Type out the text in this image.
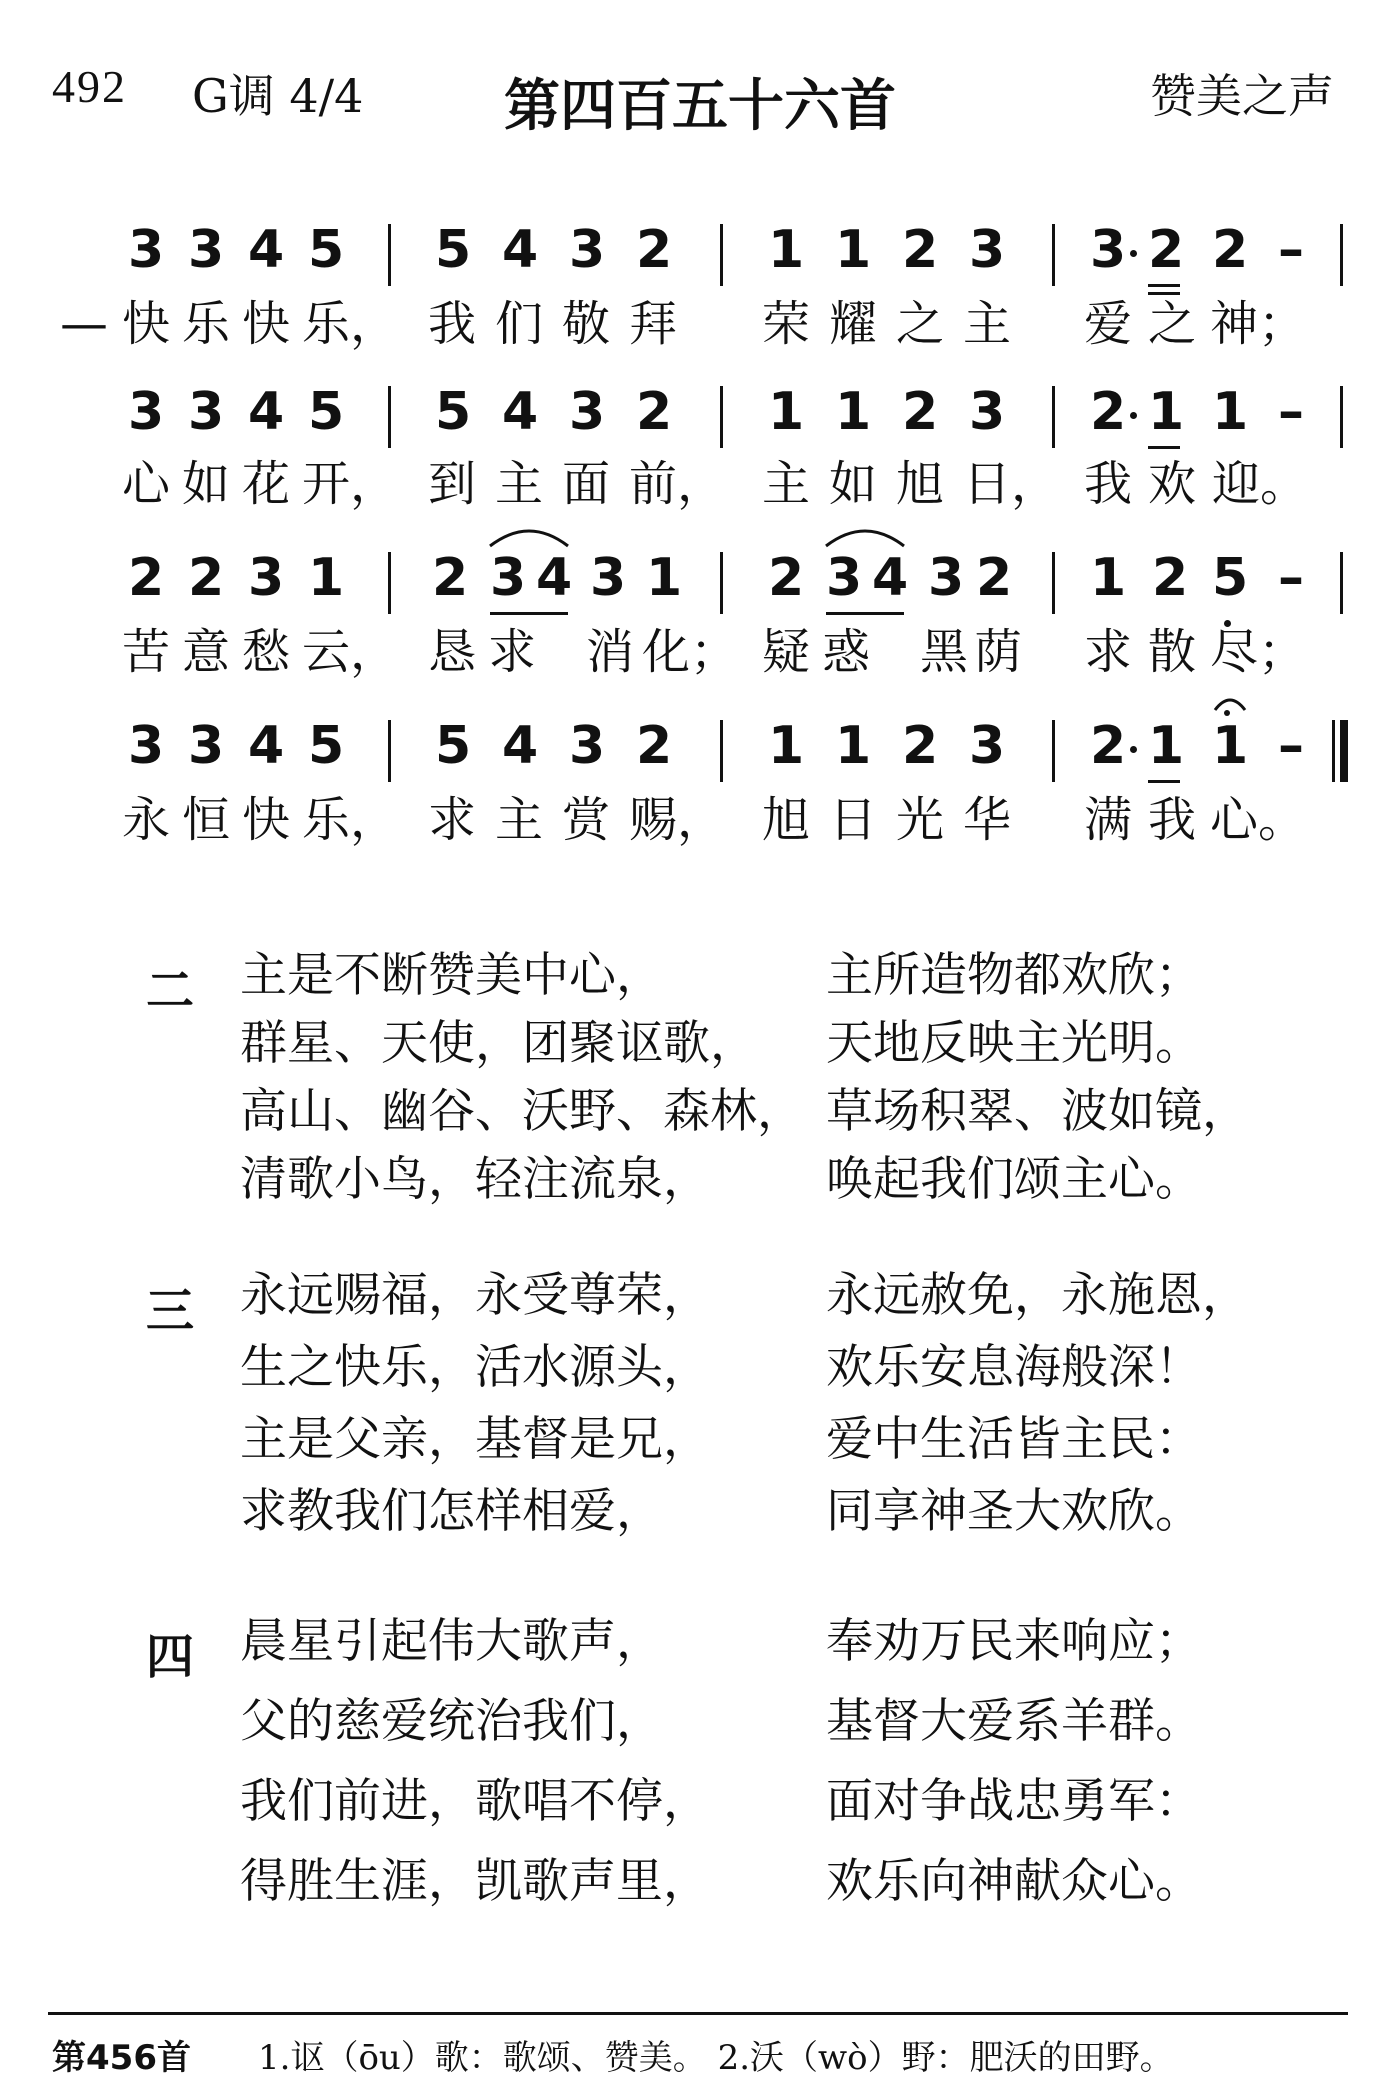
492 G调 4/4	第四百五十六首	赞美之声
3 3 4 5 5 4 3 2 1 1 2 3 3 2 2 –
— 快 乐 快 乐， 我 们 敬 拜 荣 耀 之 主 爱 之 神；
3 3 4 5 5 4 3 2 1 1 2 3 2 1 1 –
心 如 花 开， 到 主 面 前， 主 如 旭 日， 我 欢 迎。
2 2 3 1 2 3 4 3 1 2 3 4 3 2 1 2 5 –
苦 意 愁 云， 恳 求 消 化； 疑 惑 黑 荫 求 散 尽；
3 3 4 5 5 4 3 2 1 1 2 3 2 1 1 –
永 恒 快 乐， 求 主 赏 赐， 旭 日 光 华 满 我 心。
二 主是不断赞美中心，
群星、天使，团聚讴歌，
高山、幽谷、沃野、森林，
清歌小鸟，轻注流泉，
主所造物都欢欣；
天地反映主光明。
草场积翠、波如镜，
唤起我们颂主心。
三 永远赐福，永受尊荣，
生之快乐，活水源头，
主是父亲，基督是兄，
求教我们怎样相爱，
永远赦免，永施恩，
欢乐安息海般深！
爱中生活皆主民：
同享神圣大欢欣。
四 晨星引起伟大歌声，
父的慈爱统治我们，
我们前进，歌唱不停，
得胜生涯，凯歌声里，
奉劝万民来响应；
基督大爱系羊群。
面对争战忠勇军：
欢乐向神献众心。
第456首 1.讴（ōu）歌：歌颂、赞美。 2.沃（wò）野：肥沃的田野。
